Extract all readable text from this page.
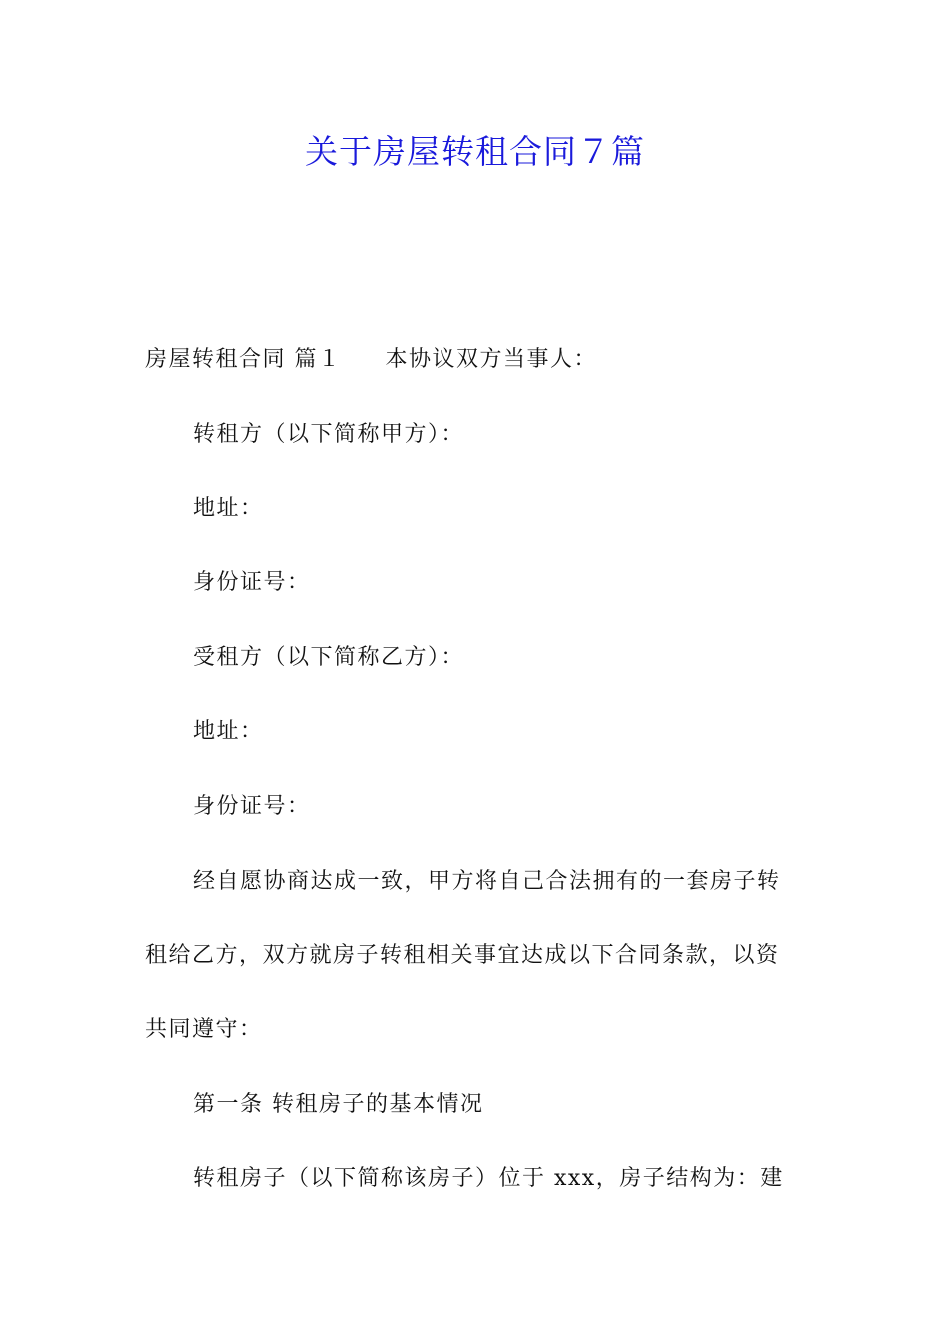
关于房屋转租合同７篇
房屋转租合同 篇１ 本协议双方当事人：
转租方（以下简称甲方）：
地址：
身份证号：
受租方（以下简称乙方）：
地址：
身份证号：
经自愿协商达成一致，甲方将自己合法拥有的一套房子转
租给乙方，双方就房子转租相关事宜达成以下合同条款，以资
共同遵守：
第一条 转租房子的基本情况
转租房子（以下简称该房子）位于 xxx，房子结构为：建
